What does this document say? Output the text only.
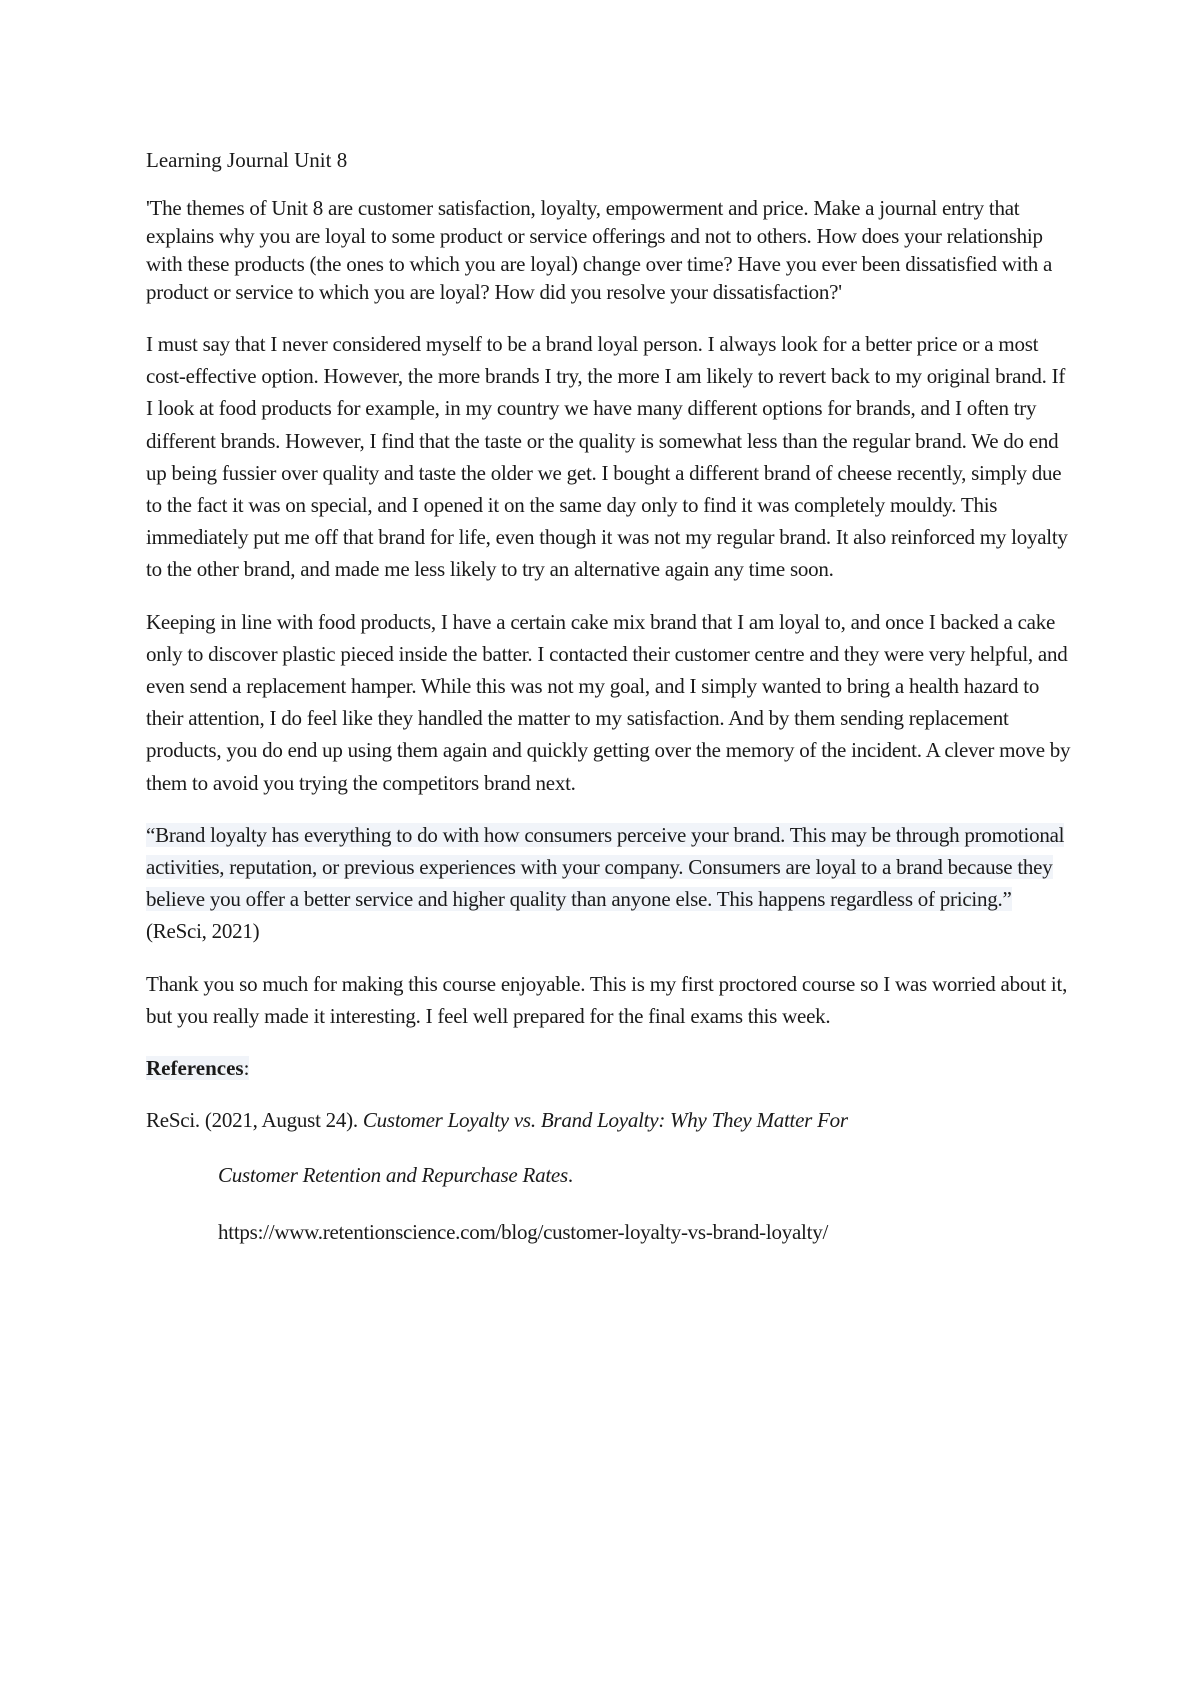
Learning Journal Unit 8

'The themes of Unit 8 are customer satisfaction, loyalty, empowerment and price. Make a journal entry that explains why you are loyal to some product or service offerings and not to others. How does your relationship with these products (the ones to which you are loyal) change over time? Have you ever been dissatisfied with a product or service to which you are loyal? How did you resolve your dissatisfaction?'

I must say that I never considered myself to be a brand loyal person. I always look for a better price or a most cost-effective option. However, the more brands I try, the more I am likely to revert back to my original brand. If I look at food products for example, in my country we have many different options for brands, and I often try different brands. However, I find that the taste or the quality is somewhat less than the regular brand. We do end up being fussier over quality and taste the older we get. I bought a different brand of cheese recently, simply due to the fact it was on special, and I opened it on the same day only to find it was completely mouldy. This immediately put me off that brand for life, even though it was not my regular brand. It also reinforced my loyalty to the other brand, and made me less likely to try an alternative again any time soon.

Keeping in line with food products, I have a certain cake mix brand that I am loyal to, and once I backed a cake only to discover plastic pieced inside the batter. I contacted their customer centre and they were very helpful, and even send a replacement hamper. While this was not my goal, and I simply wanted to bring a health hazard to their attention, I do feel like they handled the matter to my satisfaction. And by them sending replacement products, you do end up using them again and quickly getting over the memory of the incident. A clever move by them to avoid you trying the competitors brand next.

“Brand loyalty has everything to do with how consumers perceive your brand. This may be through promotional activities, reputation, or previous experiences with your company. Consumers are loyal to a brand because they believe you offer a better service and higher quality than anyone else. This happens regardless of pricing.” (ReSci, 2021)

Thank you so much for making this course enjoyable. This is my first proctored course so I was worried about it, but you really made it interesting. I feel well prepared for the final exams this week.

References:

ReSci. (2021, August 24). Customer Loyalty vs. Brand Loyalty: Why They Matter For

Customer Retention and Repurchase Rates.

https://www.retentionscience.com/blog/customer-loyalty-vs-brand-loyalty/
